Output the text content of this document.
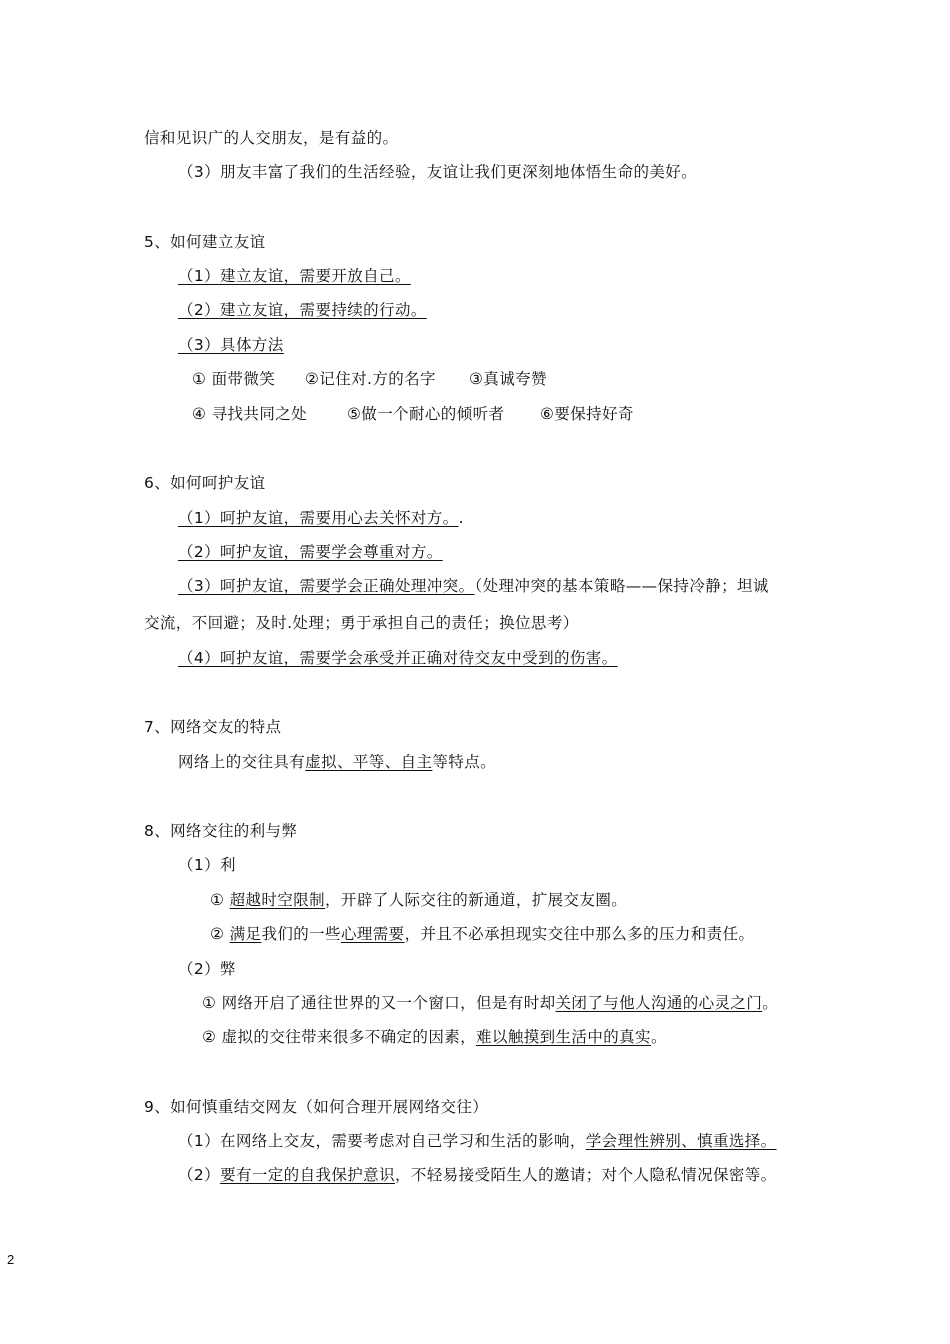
信和见识广的人交朋友，是有益的。

（3）朋友丰富了我们的生活经验，友谊让我们更深刻地体悟生命的美好。

5、如何建立友谊

（1）建立友谊，需要开放自己。

（2）建立友谊，需要持续的行动。

（3）具体方法

① 面带微笑 ②记住对.方的名字 ③真诚夸赞

④ 寻找共同之处	⑤做一个耐心的倾听者 ⑥要保持好奇

6、如何呵护友谊

（1）呵护友谊，需要用心去关怀对方。.

（2）呵护友谊，需要学会尊重对方。

（3）呵护友谊，需要学会正确处理冲突。（处理冲突的基本策略——保持冷静；坦诚

交流，不回避；及时.处理；勇于承担自己的责任；换位思考）

（4）呵护友谊，需要学会承受并正确对待交友中受到的伤害。

7、网络交友的特点

网络上的交往具有虚拟、平等、自主等特点。

8、网络交往的利与弊

（1）利

① 超越时空限制，开辟了人际交往的新通道，扩展交友圈。

② 满足我们的一些心理需要，并且不必承担现实交往中那么多的压力和责任。

（2）弊

① 网络开启了通往世界的又一个窗口，但是有时却关闭了与他人沟通的心灵之门。

② 虚拟的交往带来很多不确定的因素，难以触摸到生活中的真实。

9、如何慎重结交网友（如何合理开展网络交往）

（1）在网络上交友，需要考虑对自己学习和生活的影响，学会理性辨别、慎重选择。

（2）要有一定的自我保护意识，不轻易接受陌生人的邀请；对个人隐私情况保密等。

2
